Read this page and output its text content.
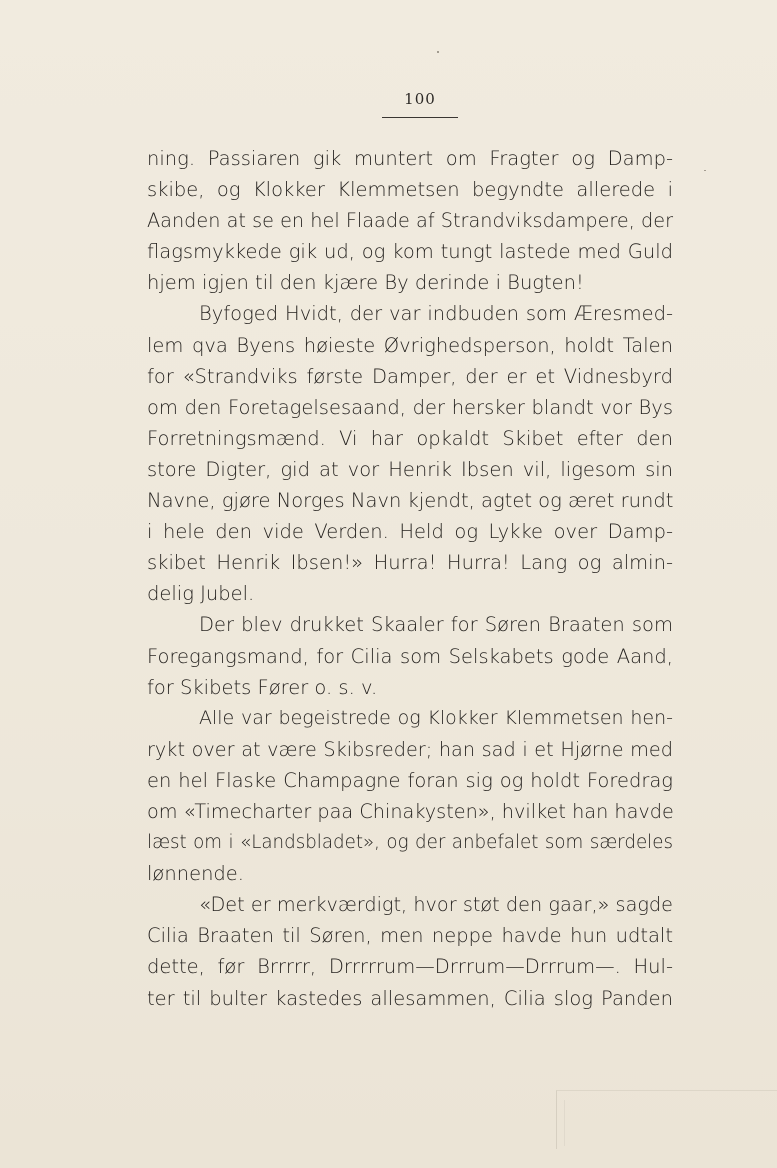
100
ning. Passiaren gik muntert om Fragter og Damp-
skibe, og Klokker Klemmetsen begyndte allerede i
Aanden at se en hel Flaade af Strandviksdampere, der
flagsmykkede gik ud, og kom tungt lastede med Guld
hjem igjen til den kjære By derinde i Bugten!
Byfoged Hvidt, der var indbuden som Æresmed-
lem qva Byens høieste Øvrighedsperson, holdt Talen
for «Strandviks første Damper, der er et Vidnesbyrd
om den Foretagelsesaand, der hersker blandt vor Bys
Forretningsmænd. Vi har opkaldt Skibet efter den
store Digter, gid at vor Henrik Ibsen vil, ligesom sin
Navne, gjøre Norges Navn kjendt, agtet og æret rundt
i hele den vide Verden. Held og Lykke over Damp-
skibet Henrik Ibsen!» Hurra! Hurra! Lang og almin-
delig Jubel.
Der blev drukket Skaaler for Søren Braaten som
Foregangsmand, for Cilia som Selskabets gode Aand,
for Skibets Fører o. s. v.
Alle var begeistrede og Klokker Klemmetsen hen-
rykt over at være Skibsreder; han sad i et Hjørne med
en hel Flaske Champagne foran sig og holdt Foredrag
om «Timecharter paa Chinakysten», hvilket han havde
læst om i «Landsbladet», og der anbefalet som særdeles
lønnende.
«Det er merkværdigt, hvor støt den gaar,» sagde
Cilia Braaten til Søren, men neppe havde hun udtalt
dette, før Brrrrr, Drrrrrum—Drrrum—Drrrum—. Hul-
ter til bulter kastedes allesammen, Cilia slog Panden
